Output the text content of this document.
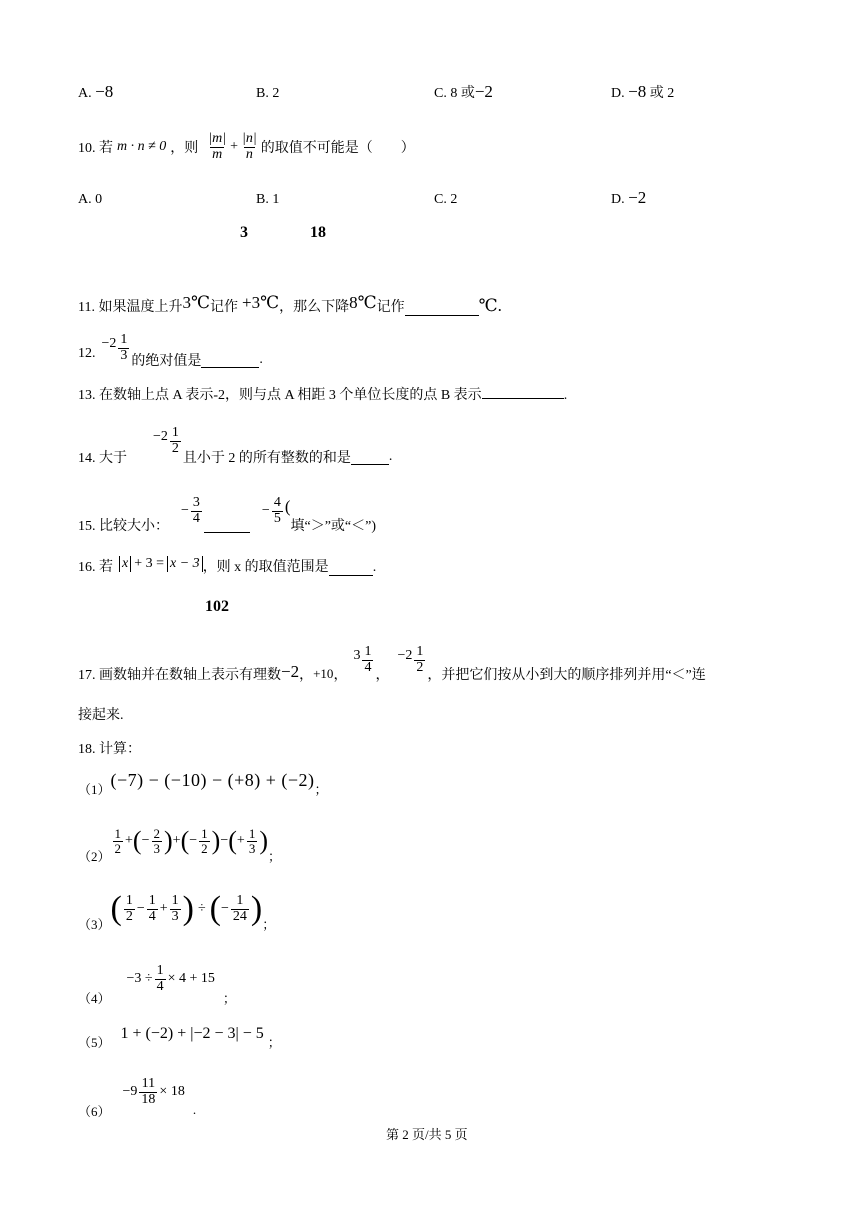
A. −8	B. 2	C. 8 或−2	D. −8 或 2
10. 若 m · n ≠ 0 ，则 $\frac{|m|}{m} + \frac{|n|}{n}$ 的取值不可能是（　　）
A. 0	B. 1	C. 2	D. −2
3	18
11. 如果温度上升 3℃ 记作 +3℃ ，那么下降 8℃ 记作	℃.
12.
$-2 \frac{1}{3}$ 的绝对值是	.
13. 在数轴上点 A 表示-2，则与点 A 相距 3 个单位长度的点 B 表示	.
14. 大于
$-2 \frac{1}{2}$
且小于 2 的所有整数的和是	.
15. 比较大小：
− $\frac{3}{4}$	− $\frac{4}{5}$ (
填“＞”或“＜”)
16. 若 x + 3 = x − 3 ，则 x 的取值范围是	.
102
17. 画数轴并在数轴上表示有理数 −2 ， +10 ，
$3 \frac{1}{4}$
，
$-2 \frac{1}{2}$
，并把它们按从小到大的顺序排列并用“＜”连
接起来.
18. 计算：
（1） (−7) − (−10) − (+8) + (−2) ；
（2）
$\frac{1}{2}$ + ( − $\frac{2}{3}$ ) + ( − $\frac{1}{2}$ ) − ( + $\frac{1}{3}$ )
；
（3） ( $\frac{1}{2} - \frac{1}{4} + \frac{1}{3}$ ) ÷ ( − $\frac{1}{24}$ ) ；
（4）
$-3 \div \frac{1}{4} \times 4 + 15$
；
（5）
1 + (−2) + |−2 − 3| − 5
；
（6）
$-9 \frac{11}{18} \times 18$
.
第 2 页/共 5 页
